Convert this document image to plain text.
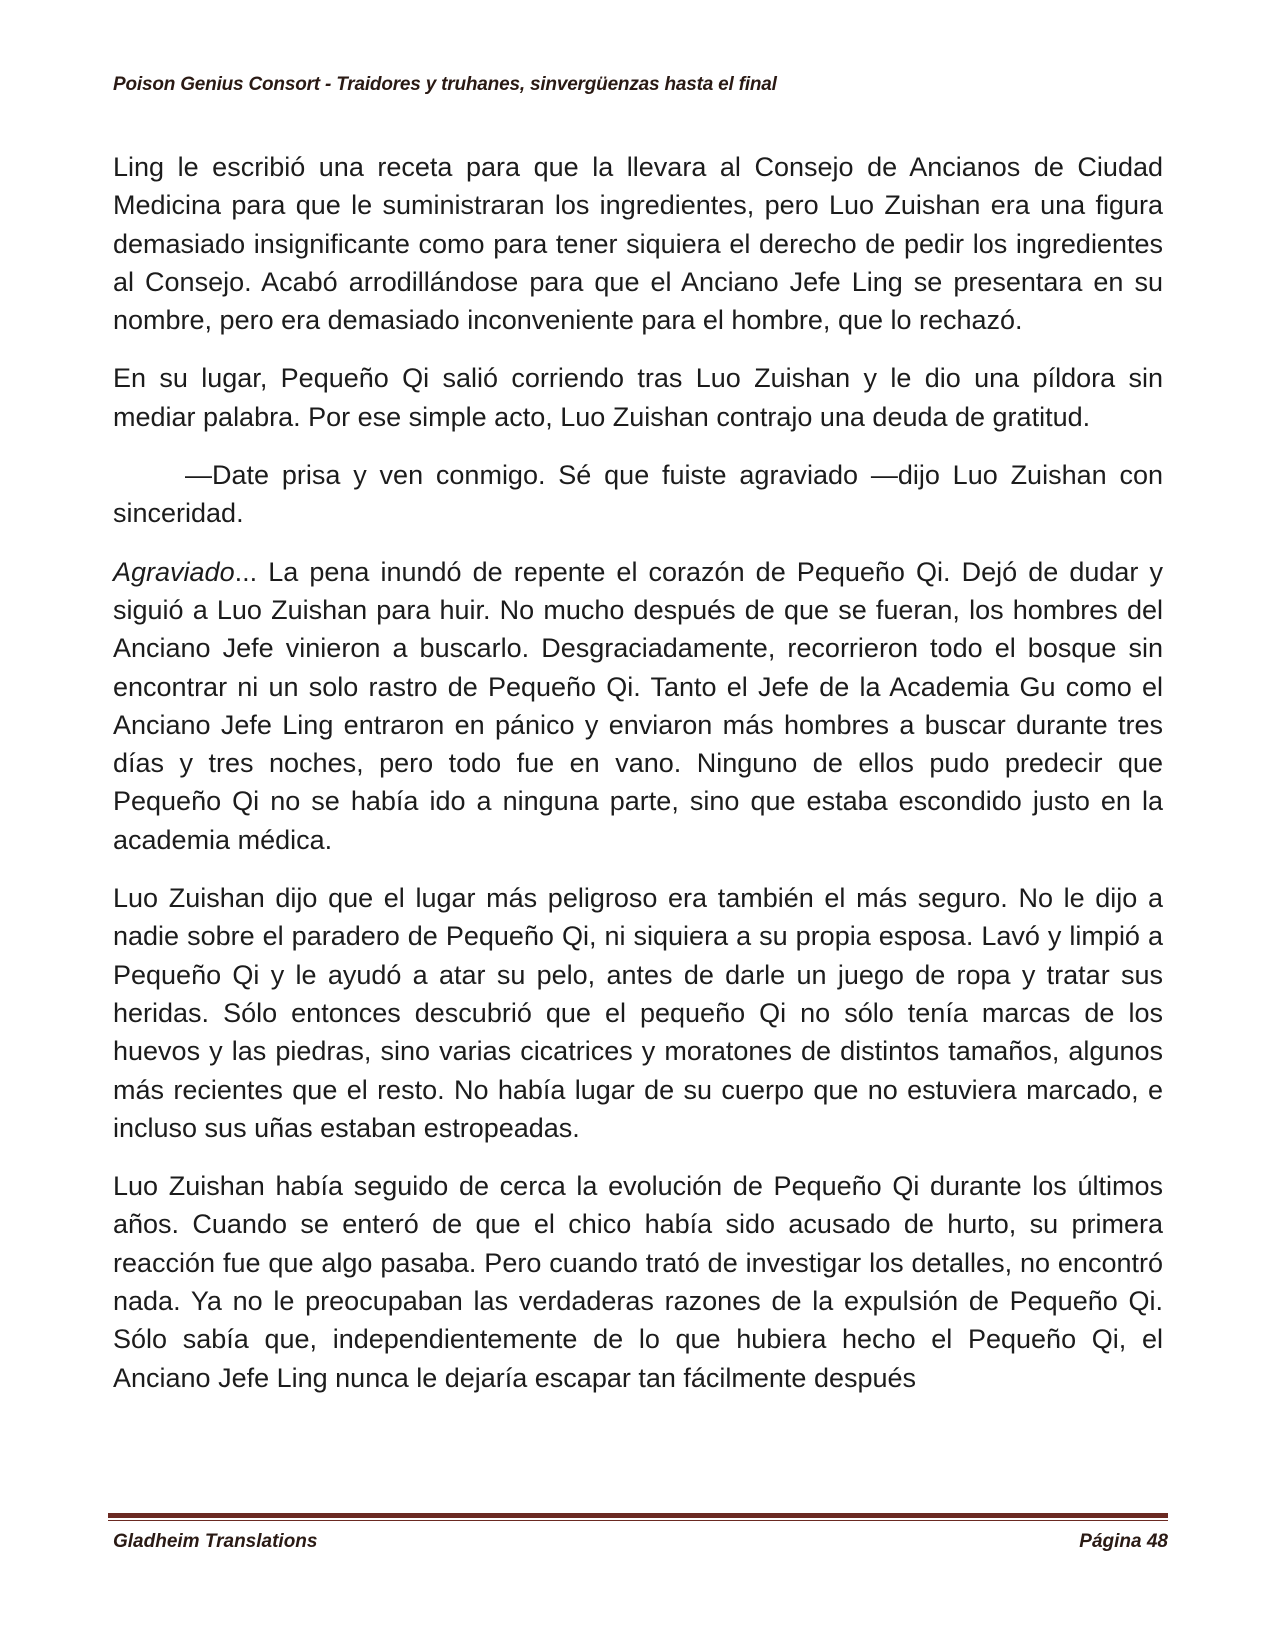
Poison Genius Consort - Traidores y truhanes, sinvergüenzas hasta el final

Ling le escribió una receta para que la llevara al Consejo de Ancianos de Ciudad Medicina para que le suministraran los ingredientes, pero Luo Zuishan era una figura demasiado insignificante como para tener siquiera el derecho de pedir los ingredientes al Consejo. Acabó arrodillándose para que el Anciano Jefe Ling se presentara en su nombre, pero era demasiado inconveniente para el hombre, que lo rechazó.

En su lugar, Pequeño Qi salió corriendo tras Luo Zuishan y le dio una píldora sin mediar palabra. Por ese simple acto, Luo Zuishan contrajo una deuda de gratitud.

—Date prisa y ven conmigo. Sé que fuiste agraviado —dijo Luo Zuishan con sinceridad.

Agraviado... La pena inundó de repente el corazón de Pequeño Qi. Dejó de dudar y siguió a Luo Zuishan para huir. No mucho después de que se fueran, los hombres del Anciano Jefe vinieron a buscarlo. Desgraciadamente, recorrieron todo el bosque sin encontrar ni un solo rastro de Pequeño Qi. Tanto el Jefe de la Academia Gu como el Anciano Jefe Ling entraron en pánico y enviaron más hombres a buscar durante tres días y tres noches, pero todo fue en vano. Ninguno de ellos pudo predecir que Pequeño Qi no se había ido a ninguna parte, sino que estaba escondido justo en la academia médica.

Luo Zuishan dijo que el lugar más peligroso era también el más seguro. No le dijo a nadie sobre el paradero de Pequeño Qi, ni siquiera a su propia esposa. Lavó y limpió a Pequeño Qi y le ayudó a atar su pelo, antes de darle un juego de ropa y tratar sus heridas. Sólo entonces descubrió que el pequeño Qi no sólo tenía marcas de los huevos y las piedras, sino varias cicatrices y moratones de distintos tamaños, algunos más recientes que el resto. No había lugar de su cuerpo que no estuviera marcado, e incluso sus uñas estaban estropeadas.

Luo Zuishan había seguido de cerca la evolución de Pequeño Qi durante los últimos años. Cuando se enteró de que el chico había sido acusado de hurto, su primera reacción fue que algo pasaba. Pero cuando trató de investigar los detalles, no encontró nada. Ya no le preocupaban las verdaderas razones de la expulsión de Pequeño Qi. Sólo sabía que, independientemente de lo que hubiera hecho el Pequeño Qi, el Anciano Jefe Ling nunca le dejaría escapar tan fácilmente después

Gladheim Translations	Página 48
